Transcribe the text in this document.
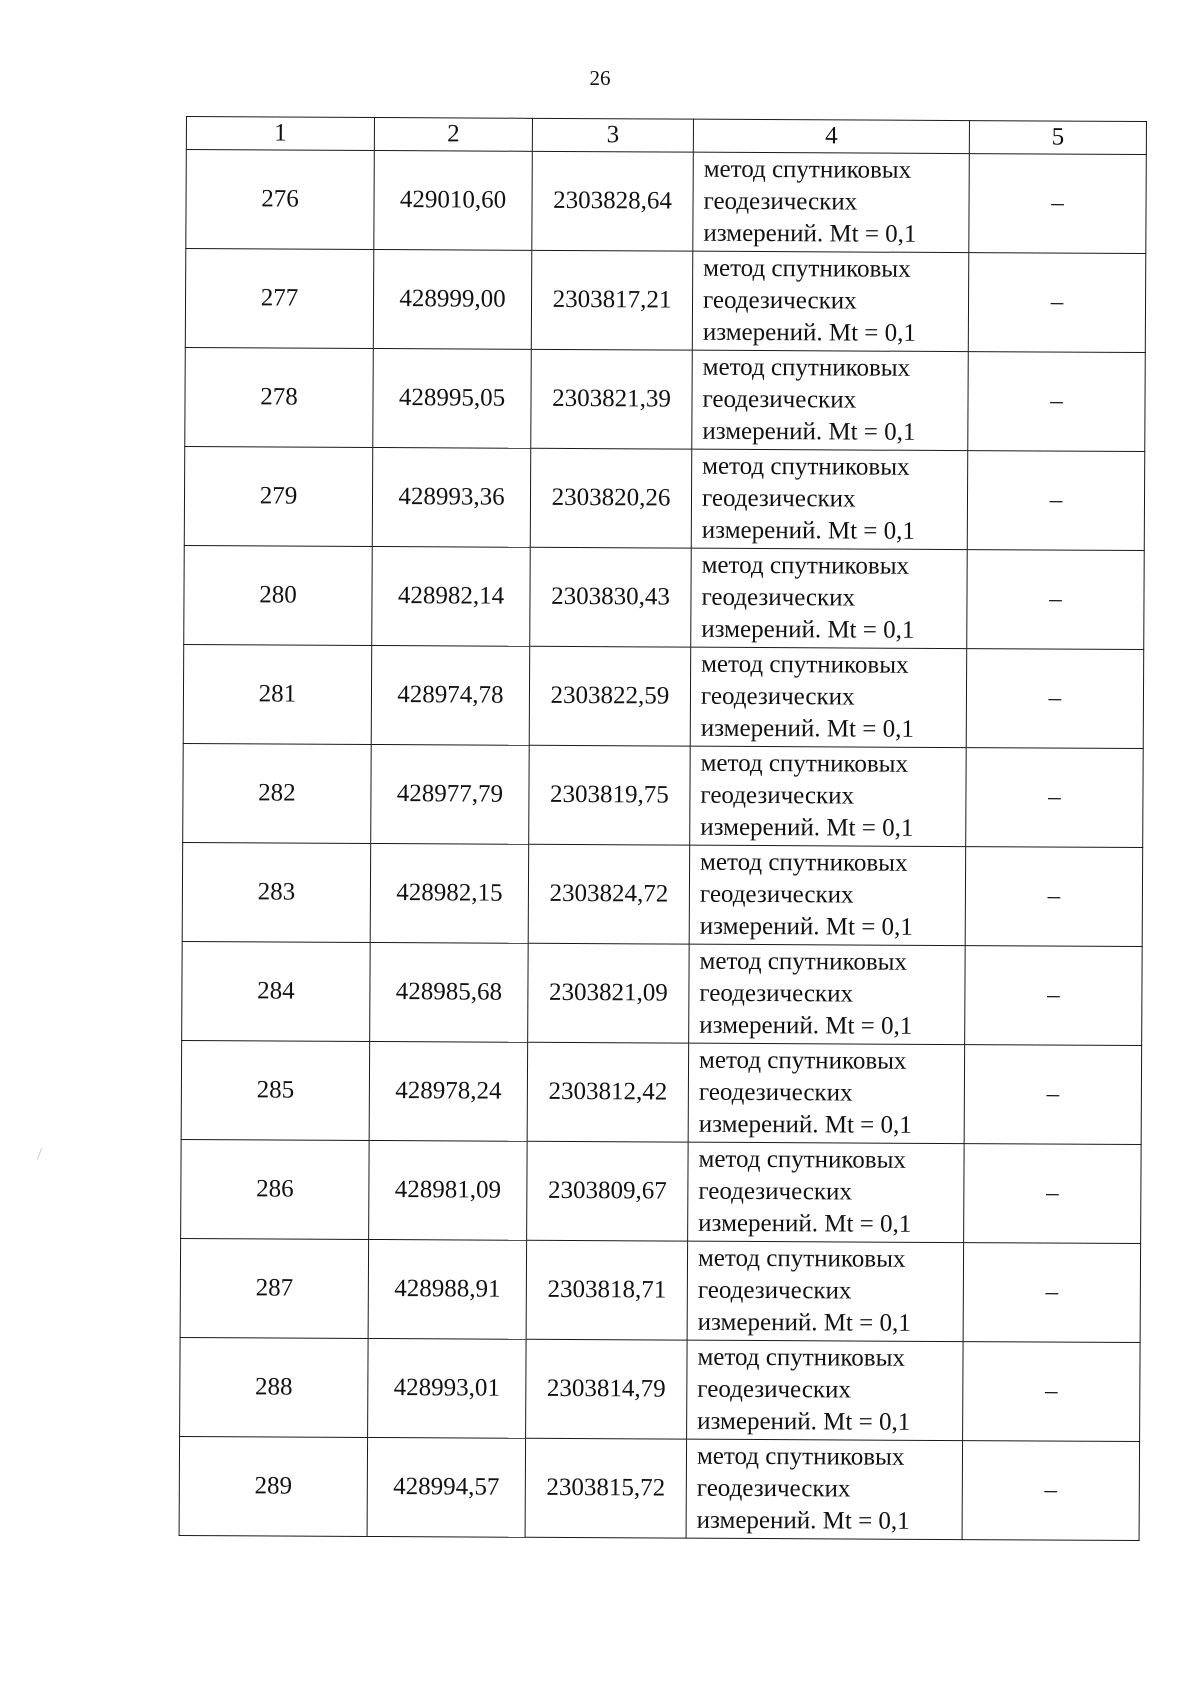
26
1	2	3	4	5
276	429010,60	2303828,64	метод спутниковых
геодезических
измерений. Mt = 0,1	–
277	428999,00	2303817,21	метод спутниковых
геодезических
измерений. Mt = 0,1	–
278	428995,05	2303821,39	метод спутниковых
геодезических
измерений. Mt = 0,1	–
279	428993,36	2303820,26	метод спутниковых
геодезических
измерений. Mt = 0,1	–
280	428982,14	2303830,43	метод спутниковых
геодезических
измерений. Mt = 0,1	–
281	428974,78	2303822,59	метод спутниковых
геодезических
измерений. Mt = 0,1	–
282	428977,79	2303819,75	метод спутниковых
геодезических
измерений. Mt = 0,1	–
283	428982,15	2303824,72	метод спутниковых
геодезических
измерений. Mt = 0,1	–
284	428985,68	2303821,09	метод спутниковых
геодезических
измерений. Mt = 0,1	–
285	428978,24	2303812,42	метод спутниковых
геодезических
измерений. Mt = 0,1	–
286	428981,09	2303809,67	метод спутниковых
геодезических
измерений. Mt = 0,1	–
287	428988,91	2303818,71	метод спутниковых
геодезических
измерений. Mt = 0,1	–
288	428993,01	2303814,79	метод спутниковых
геодезических
измерений. Mt = 0,1	–
289	428994,57	2303815,72	метод спутниковых
геодезических
измерений. Mt = 0,1	–
